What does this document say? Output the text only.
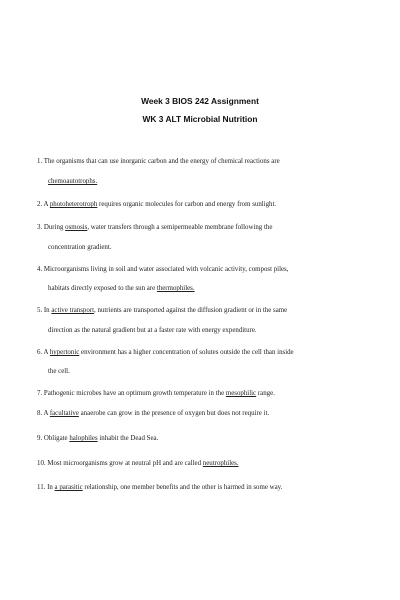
Week 3 BIOS 242 Assignment
WK 3 ALT Microbial Nutrition
1. The organisms that can use inorganic carbon and the energy of chemical reactions are
chemoautotrophs.
2. A photoheterotroph requires organic molecules for carbon and energy from sunlight.
3. During osmosis, water transfers through a semipermeable membrane following the
concentration gradient.
4. Microorganisms living in soil and water associated with volcanic activity, compost piles,
habitats directly exposed to the sun are thermophiles.
5. In active transport, nutrients are transported against the diffusion gradient or in the same
direction as the natural gradient but at a faster rate with energy expenditure.
6. A hypertonic environment has a higher concentration of solutes outside the cell than inside
the cell.
7. Pathogenic microbes have an optimum growth temperature in the mesophilic range.
8. A facultative anaerobe can grow in the presence of oxygen but does not require it.
9. Obligate halophiles inhabit the Dead Sea.
10. Most microorganisms grow at neutral pH and are called neutrophiles.
11. In a parasitic relationship, one member benefits and the other is harmed in some way.
